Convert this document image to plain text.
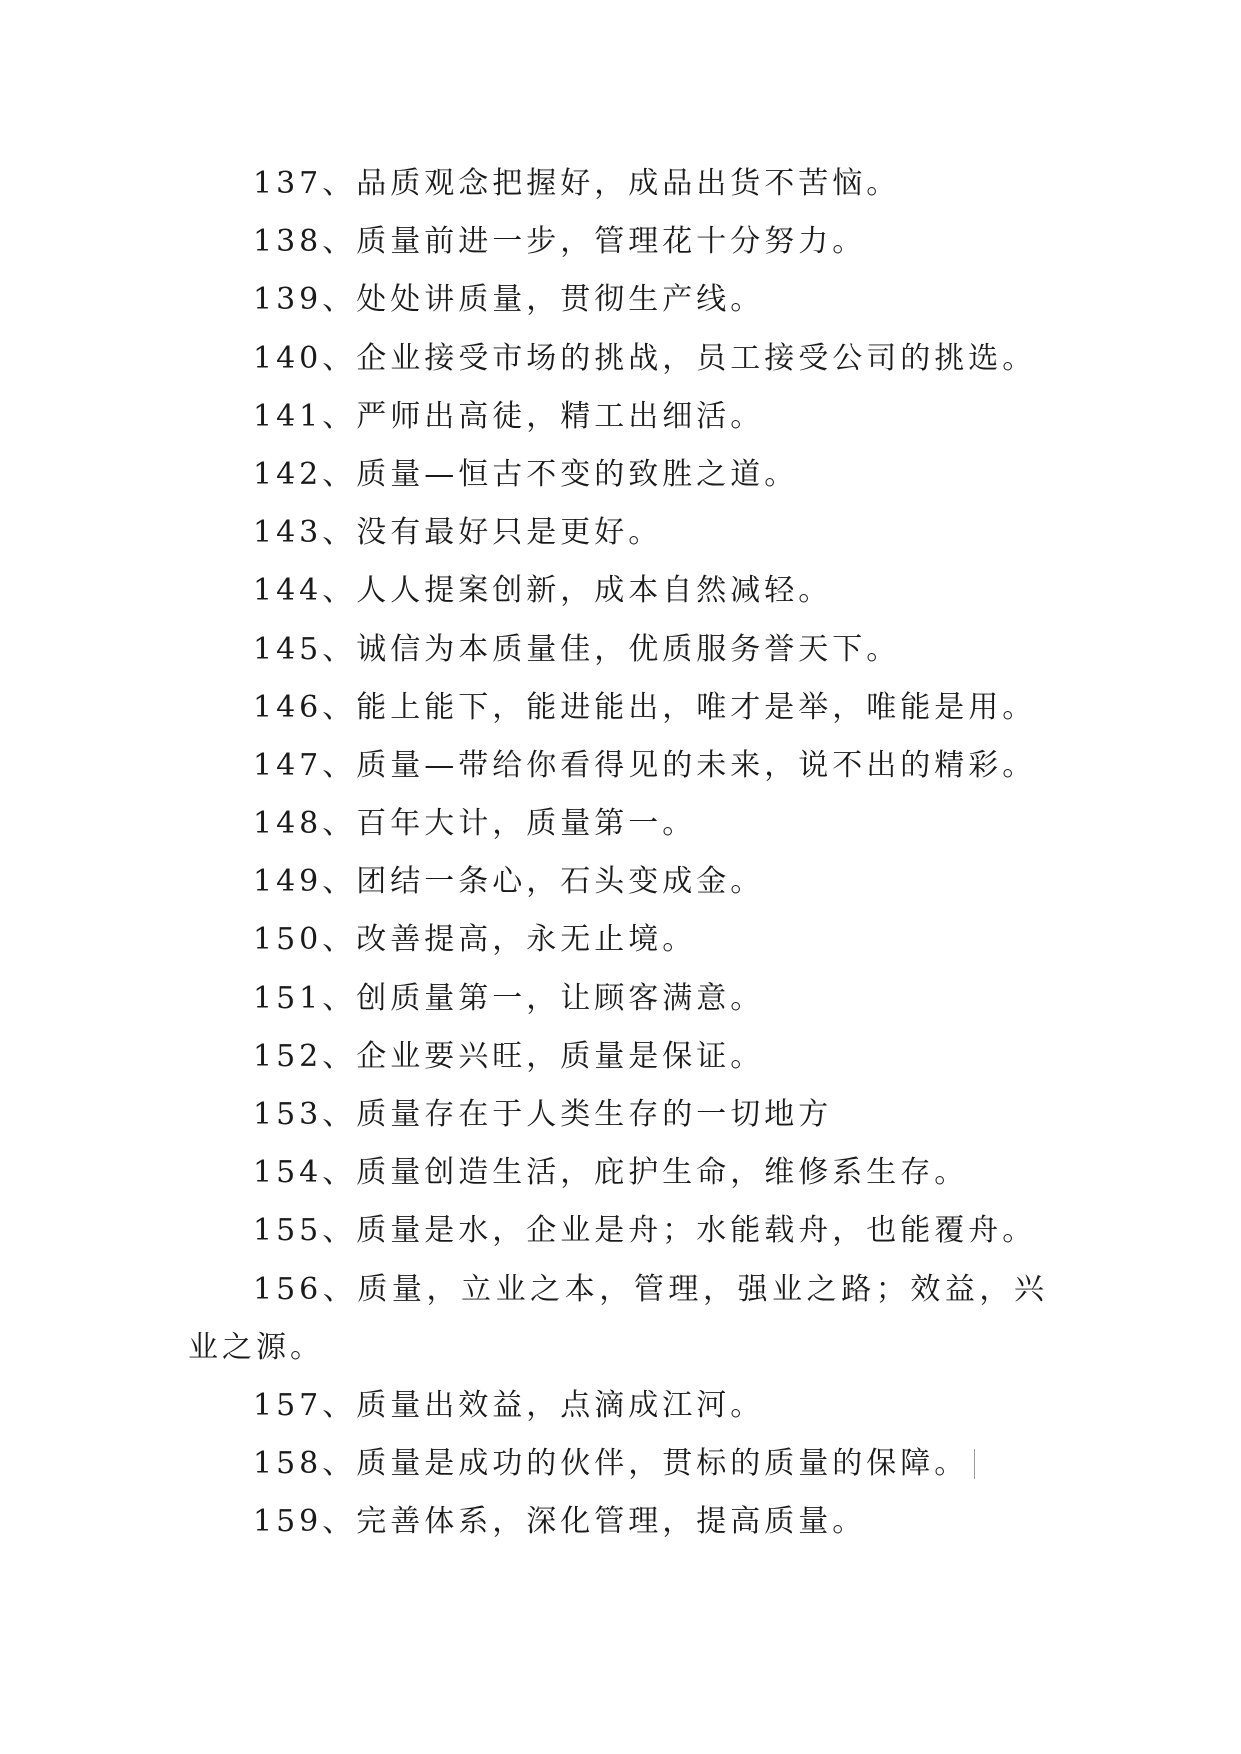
137、品质观念把握好，成品出货不苦恼。
138、质量前进一步，管理花十分努力。
139、处处讲质量，贯彻生产线。
140、企业接受市场的挑战，员工接受公司的挑选。
141、严师出高徒，精工出细活。
142、质量—恒古不变的致胜之道。
143、没有最好只是更好。
144、人人提案创新，成本自然减轻。
145、诚信为本质量佳，优质服务誉天下。
146、能上能下，能进能出，唯才是举，唯能是用。
147、质量—带给你看得见的未来，说不出的精彩。
148、百年大计，质量第一。
149、团结一条心，石头变成金。
150、改善提高，永无止境。
151、创质量第一，让顾客满意。
152、企业要兴旺，质量是保证。
153、质量存在于人类生存的一切地方
154、质量创造生活，庇护生命，维修系生存。
155、质量是水，企业是舟；水能载舟，也能覆舟。
156、质量，立业之本，管理，强业之路；效益，兴业之源。
157、质量出效益，点滴成江河。
158、质量是成功的伙伴，贯标的质量的保障。
159、完善体系，深化管理，提高质量。
